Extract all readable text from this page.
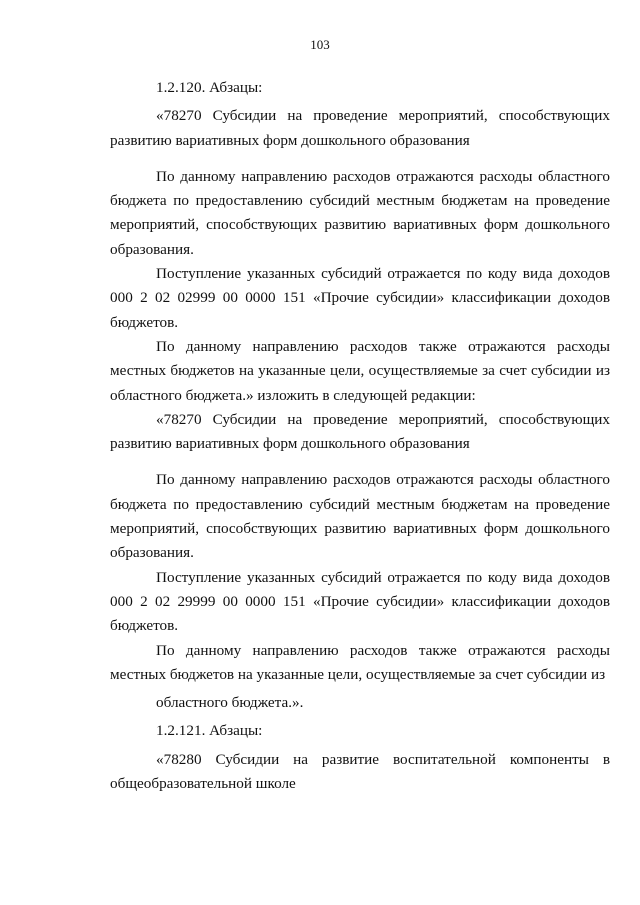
103

1.2.120. Абзацы:

«78270 Субсидии на проведение мероприятий, способствующих развитию вариативных форм дошкольного образования

По данному направлению расходов отражаются расходы областного бюджета по предоставлению субсидий местным бюджетам на проведение мероприятий, способствующих развитию вариативных форм дошкольного образования.

Поступление указанных субсидий отражается по коду вида доходов 000 2 02 02999 00 0000 151 «Прочие субсидии» классификации доходов бюджетов.

По данному направлению расходов также отражаются расходы местных бюджетов на указанные цели, осуществляемые за счет субсидии из областного бюджета.» изложить в следующей редакции:

«78270 Субсидии на проведение мероприятий, способствующих развитию вариативных форм дошкольного образования

По данному направлению расходов отражаются расходы областного бюджета по предоставлению субсидий местным бюджетам на проведение мероприятий, способствующих развитию вариативных форм дошкольного образования.

Поступление указанных субсидий отражается по коду вида доходов 000 2 02 29999 00 0000 151 «Прочие субсидии» классификации доходов бюджетов.

По данному направлению расходов также отражаются расходы местных бюджетов на указанные цели, осуществляемые за счет субсидии из

областного бюджета.».

1.2.121. Абзацы:

«78280 Субсидии на развитие воспитательной компоненты в общеобразовательной школе
